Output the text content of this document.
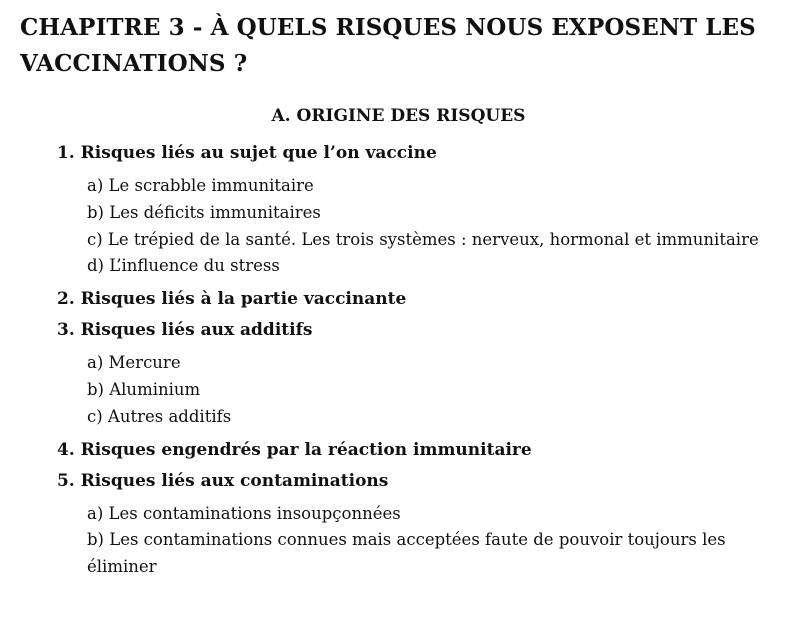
CHAPITRE 3 - À QUELS RISQUES NOUS EXPOSENT LES VACCINATIONS ?
A. ORIGINE DES RISQUES

1. Risques liés au sujet que l’on vaccine

a) Le scrabble immunitaire
b) Les déficits immunitaires
c) Le trépied de la santé. Les trois systèmes : nerveux, hormonal et immunitaire
d) L’influence du stress

2. Risques liés à la partie vaccinante

3. Risques liés aux additifs

a) Mercure
b) Aluminium
c) Autres additifs

4. Risques engendrés par la réaction immunitaire

5. Risques liés aux contaminations

a) Les contaminations insoupçonnées
b) Les contaminations connues mais acceptées faute de pouvoir toujours les éliminer
